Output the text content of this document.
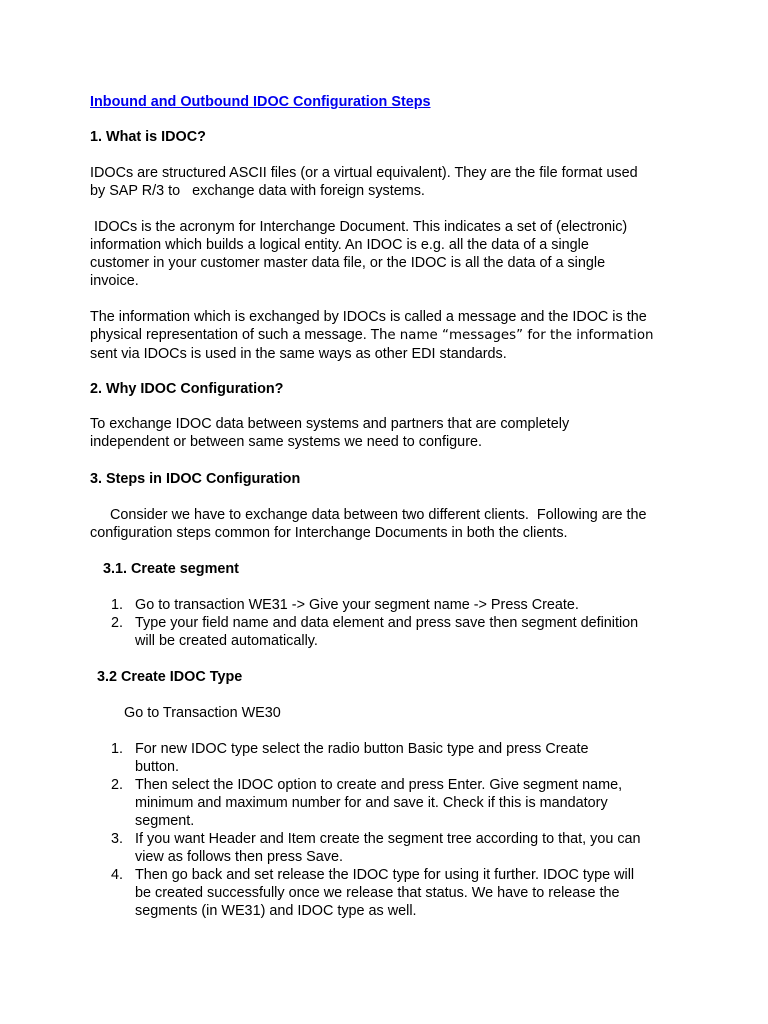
Inbound and Outbound IDOC Configuration Steps
1. What is IDOC?
IDOCs are structured ASCII files (or a virtual equivalent). They are the file format used
by SAP R/3 to   exchange data with foreign systems.
IDOCs is the acronym for Interchange Document. This indicates a set of (electronic)
information which builds a logical entity. An IDOC is e.g. all the data of a single
customer in your customer master data file, or the IDOC is all the data of a single
invoice.
The information which is exchanged by IDOCs is called a message and the IDOC is the
physical representation of such a message. The name “messages” for the information
sent via IDOCs is used in the same ways as other EDI standards.
2. Why IDOC Configuration?
To exchange IDOC data between systems and partners that are completely
independent or between same systems we need to configure.
3. Steps in IDOC Configuration
Consider we have to exchange data between two different clients.  Following are the
configuration steps common for Interchange Documents in both the clients.
3.1. Create segment
1. Go to transaction WE31 -> Give your segment name -> Press Create.
2. Type your field name and data element and press save then segment definition
will be created automatically.
3.2 Create IDOC Type
Go to Transaction WE30
1. For new IDOC type select the radio button Basic type and press Create
button.
2. Then select the IDOC option to create and press Enter. Give segment name,
minimum and maximum number for and save it. Check if this is mandatory
segment.
3. If you want Header and Item create the segment tree according to that, you can
view as follows then press Save.
4. Then go back and set release the IDOC type for using it further. IDOC type will
be created successfully once we release that status. We have to release the
segments (in WE31) and IDOC type as well.
